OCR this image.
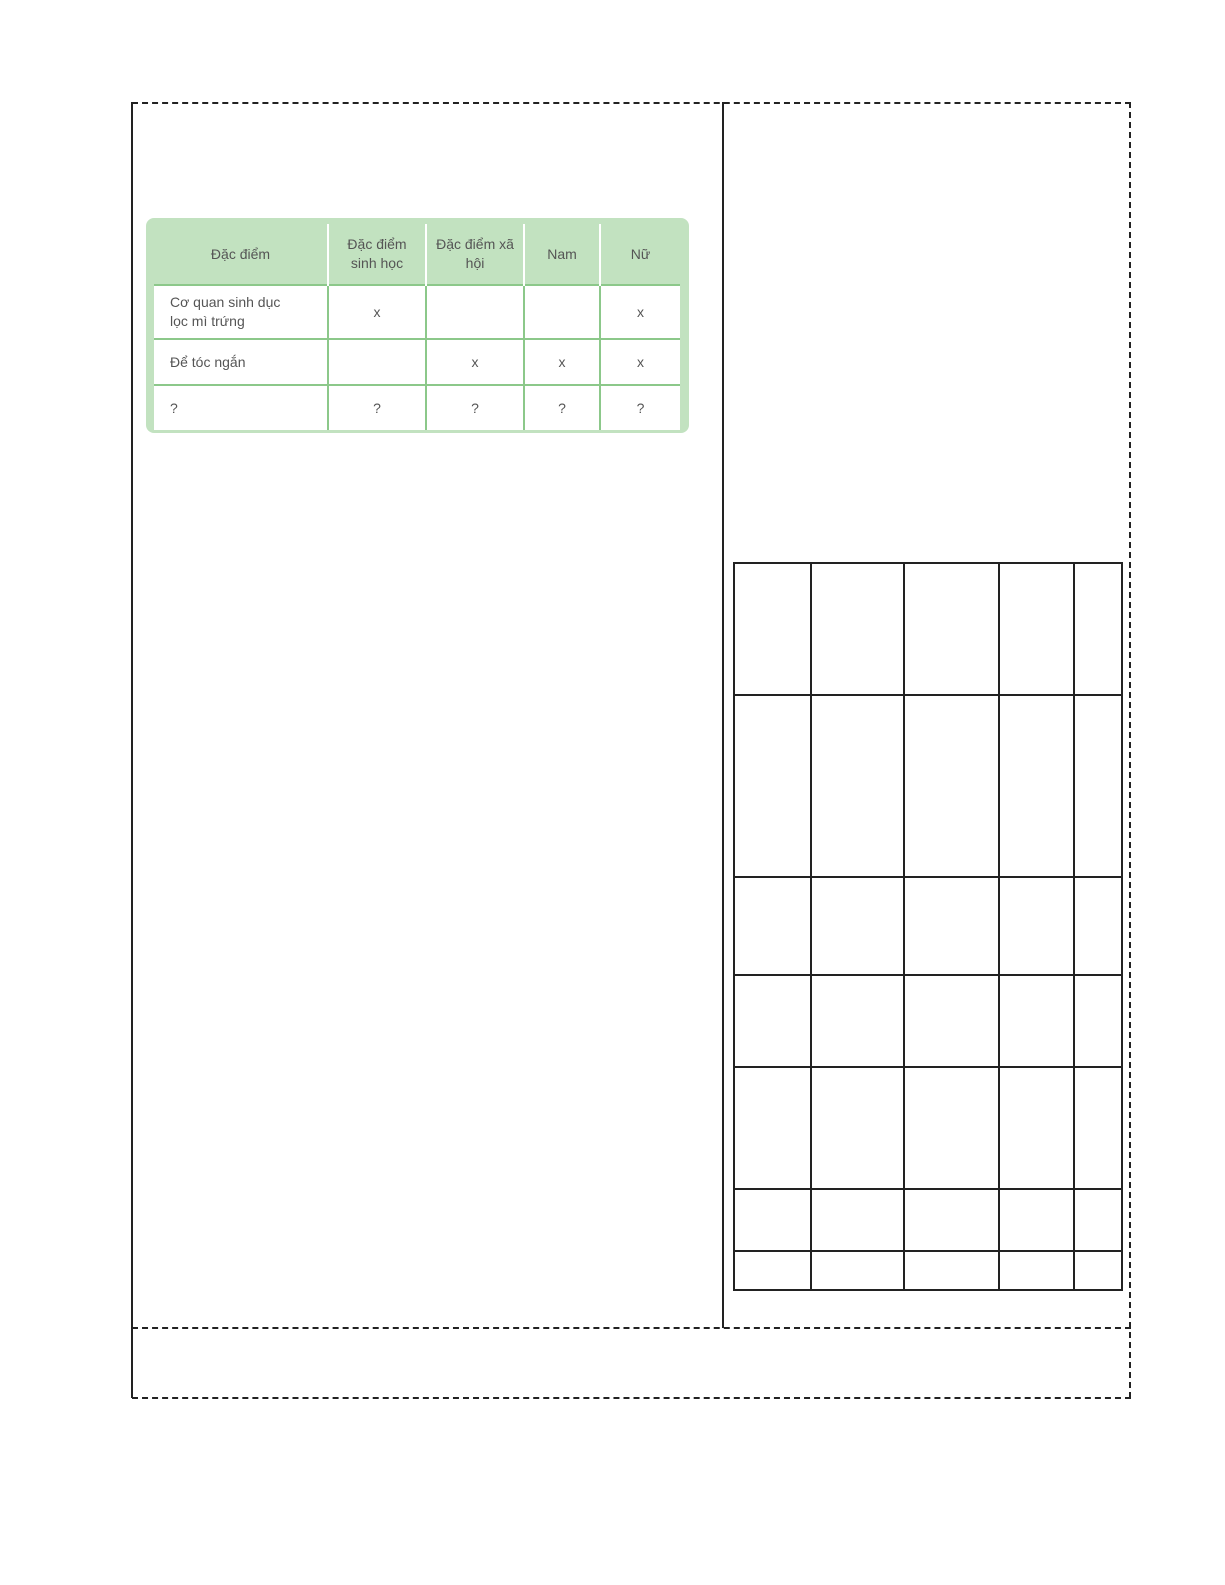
Đặc điểm	Đặc điểm sinh học	Đặc điểm xã hội	Nam	Nữ
Cơ quan sinh dục
lọc mì trứng	x			x
Để tóc ngắn		x	x	x
?	?	?	?	?
